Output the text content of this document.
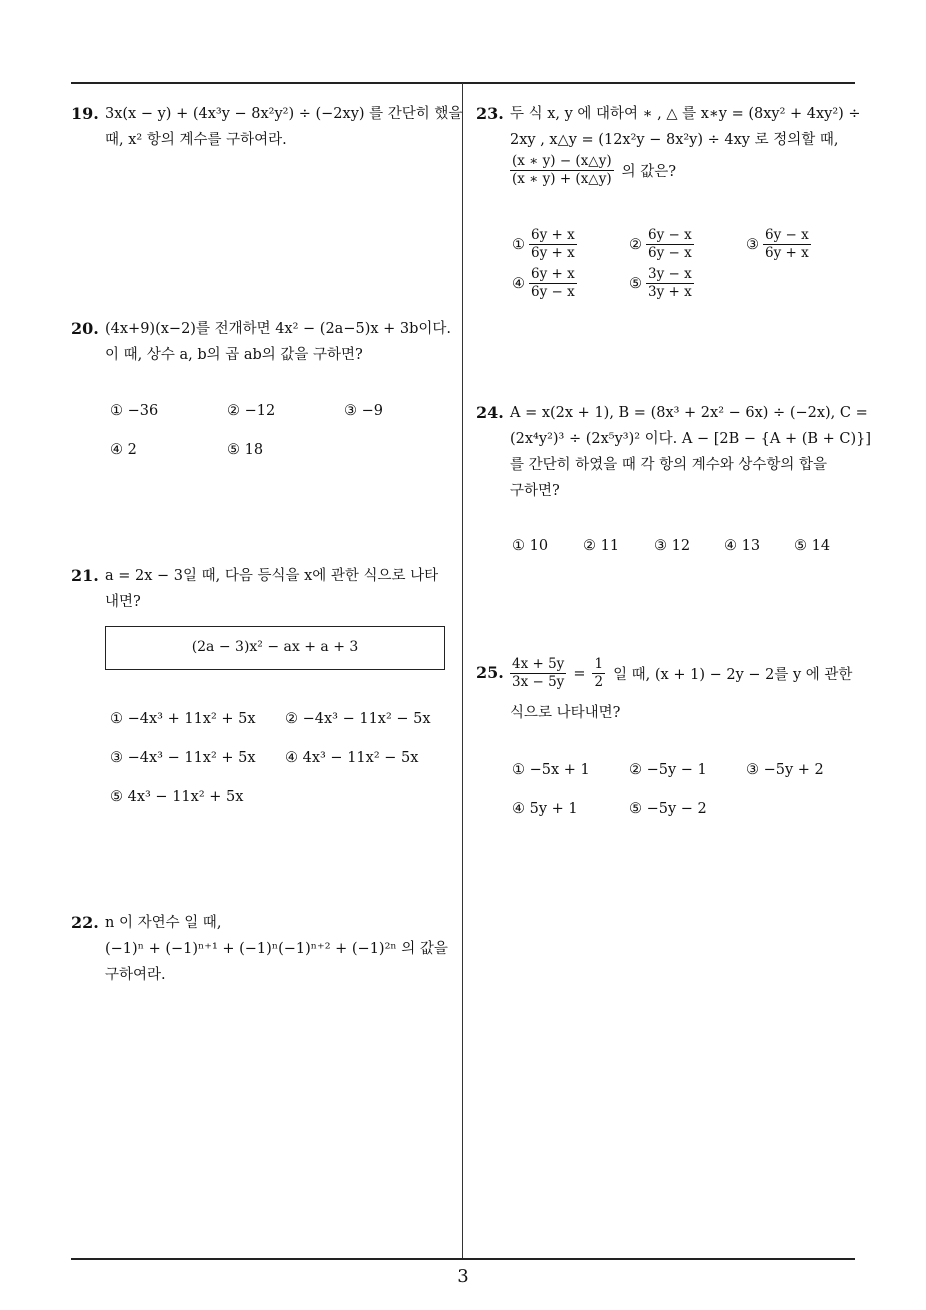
19. 3x(x − y) + (4x³y − 8x²y²) ÷ (−2xy) 를 간단히 했을
때, x² 항의 계수를 구하여라.
20. (4x+9)(x−2)를 전개하면 4x² − (2a−5)x + 3b이다.
이 때, 상수 a, b의 곱 ab의 값을 구하면?
① −36	② −12	③ −9
④ 2	⑤ 18
21. a = 2x − 3일 때, 다음 등식을 x에 관한 식으로 나타
내면?
(2a − 3)x² − ax + a + 3
① −4x³ + 11x² + 5x ② −4x³ − 11x² − 5x
③ −4x³ − 11x² + 5x ④ 4x³ − 11x² − 5x
⑤ 4x³ − 11x² + 5x
22. n 이 자연수 일 때,
(−1)ⁿ + (−1)ⁿ⁺¹ + (−1)ⁿ(−1)ⁿ⁺² + (−1)²ⁿ 의 값을
구하여라.
23. 두 식 x, y 에 대하여 ∗ , △ 를 x∗y = (8xy² + 4xy²) ÷
2xy , x△y = (12x²y − 8x²y) ÷ 4xy 로 정의할 때,
$\frac{(x ∗ y) - (x\triangle y)}{(x ∗ y) + (x\triangle y)}$ 의 값은?
① $\frac{6y + x}{6y + x}$	② $\frac{6y - x}{6y - x}$	③ $\frac{6y - x}{6y + x}$
④ $\frac{6y + x}{6y - x}$	⑤ $\frac{3y - x}{3y + x}$
24. A = x(2x + 1), B = (8x³ + 2x² − 6x) ÷ (−2x), C =
(2x⁴y²)³ ÷ (2x⁵y³)² 이다. A − [2B − {A + (B + C)}]
를 간단히 하였을 때 각 항의 계수와 상수항의 합을
구하면?
① 10 ② 11 ③ 12 ④ 13 ⑤ 14
25. $\frac{4x + 5y}{3x - 5y} = \frac{1}{2}$ 일 때, (x + 1) − 2y − 2를 y 에 관한
식으로 나타내면?
① −5x + 1	② −5y − 1	③ −5y + 2
④ 5y + 1	⑤ −5y − 2
3
